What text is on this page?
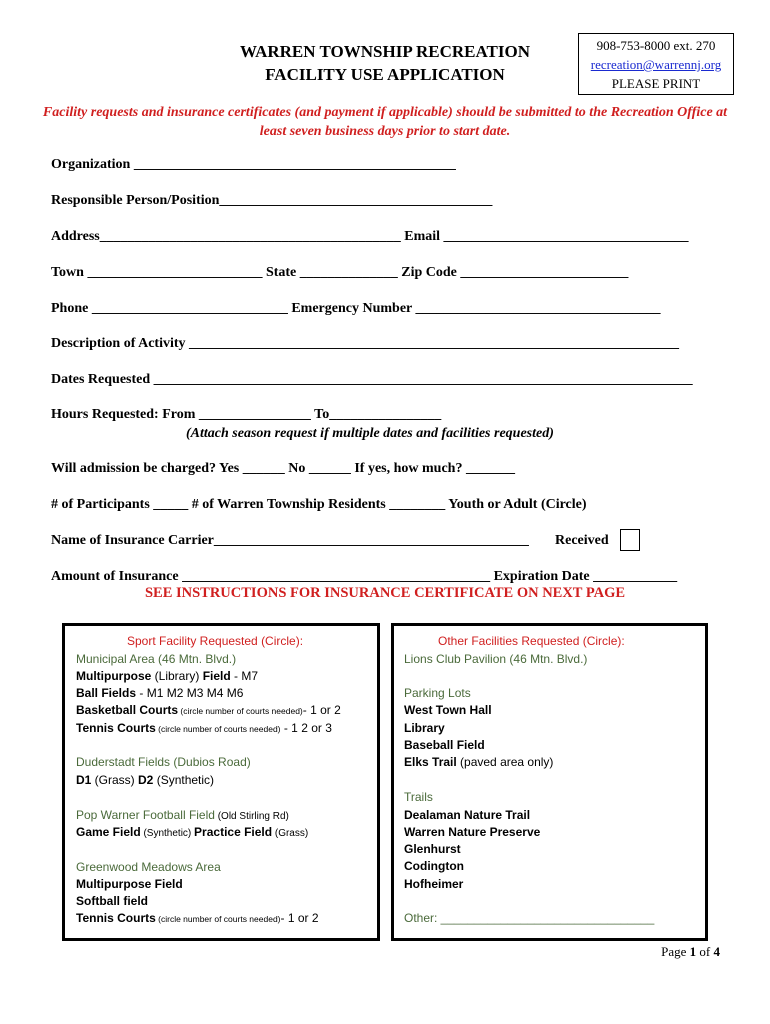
WARREN TOWNSHIP RECREATION
FACILITY USE APPLICATION
908-753-8000 ext. 270
recreation@warrennj.org
PLEASE PRINT
Facility requests and insurance certificates (and payment if applicable) should be submitted to the Recreation Office at least seven business days prior to start date.
Organization ______________________________________________
Responsible Person/Position_______________________________________
Address___________________________________________ Email ___________________________________
Town _________________________ State ______________ Zip Code ________________________
Phone ____________________________ Emergency Number ___________________________________
Description of Activity ______________________________________________________________________
Dates Requested _____________________________________________________________________________
Hours Requested: From ________________ To________________
(Attach season request if multiple dates and facilities requested)
Will admission be charged? Yes ______ No ______ If yes, how much? _______
# of Participants _____ # of Warren Township Residents ________ Youth or Adult (Circle)
Name of Insurance Carrier_____________________________________________ Received
Amount of Insurance ____________________________________________ Expiration Date ____________
SEE INSTRUCTIONS FOR INSURANCE CERTIFICATE ON NEXT PAGE
Sport Facility Requested (Circle):
Municipal Area (46 Mtn. Blvd.)
Multipurpose (Library) Field - M7
Ball Fields - M1 M2 M3 M4 M6
Basketball Courts (circle number of courts needed)- 1 or 2
Tennis Courts (circle number of courts needed) - 1 2 or 3
Duderstadt Fields (Dubios Road)
D1 (Grass) D2 (Synthetic)
Pop Warner Football Field (Old Stirling Rd)
Game Field (Synthetic) Practice Field (Grass)
Greenwood Meadows Area
Multipurpose Field
Softball field
Tennis Courts (circle number of courts needed)- 1 or 2
Other Facilities Requested (Circle):
Lions Club Pavilion (46 Mtn. Blvd.)
Parking Lots
West Town Hall
Library
Baseball Field
Elks Trail (paved area only)
Trails
Dealaman Nature Trail
Warren Nature Preserve
Glenhurst
Codington
Hofheimer
Other: ________________________________
Page 1 of 4
